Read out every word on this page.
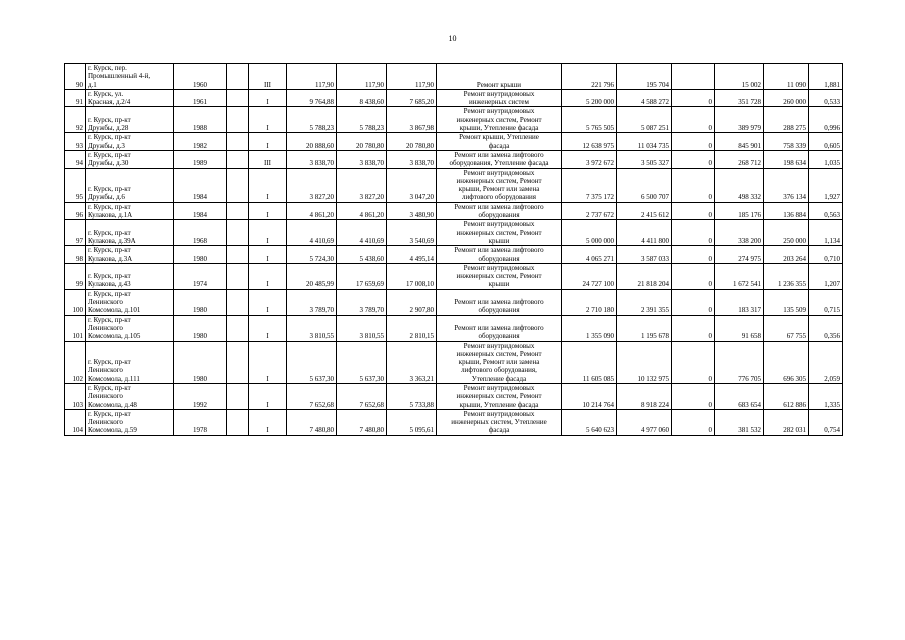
10
90	г. Курск, пер.
Промышленный 4-й,
д.1	1960		III	117,90	117,90	117,90	Ремонт крыши	221 796	195 704		15 002	11 090	1,881
91	г. Курск, ул.
Красная, д.2/4	1961		I	9 764,88	8 438,60	7 685,20	Ремонт внутридомовых
инженерных систем	5 200 000	4 588 272	0	351 728	260 000	0,533
92	г. Курск, пр-кт
Дружбы, д.28	1988		I	5 788,23	5 788,23	3 867,98	Ремонт внутридомовых
инженерных систем, Ремонт
крыши, Утепление фасада	5 765 505	5 087 251	0	389 979	288 275	0,996
93	г. Курск, пр-кт
Дружбы, д.3	1982		I	20 888,60	20 780,80	20 780,80	Ремонт крыши, Утепление
фасада	12 638 975	11 034 735	0	845 901	758 339	0,605
94	г. Курск, пр-кт
Дружбы, д.30	1989		III	3 838,70	3 838,70	3 838,70	Ремонт или замена лифтового
оборудования, Утепление фасада	3 972 672	3 505 327	0	268 712	198 634	1,035
95	г. Курск, пр-кт
Дружбы, д.6	1984		I	3 827,20	3 827,20	3 047,20	Ремонт внутридомовых
инженерных систем, Ремонт
крыши, Ремонт или замена
лифтового оборудования	7 375 172	6 500 707	0	498 332	376 134	1,927
96	г. Курск, пр-кт
Кулакова, д.1А	1984		I	4 861,20	4 861,20	3 480,90	Ремонт или замена лифтового
оборудования	2 737 672	2 415 612	0	185 176	136 884	0,563
97	г. Курск, пр-кт
Кулакова, д.39А	1968		I	4 410,69	4 410,69	3 540,69	Ремонт внутридомовых
инженерных систем, Ремонт
крыши	5 000 000	4 411 800	0	338 200	250 000	1,134
98	г. Курск, пр-кт
Кулакова, д.3А	1980		I	5 724,30	5 438,60	4 495,14	Ремонт или замена лифтового
оборудования	4 065 271	3 587 033	0	274 975	203 264	0,710
99	г. Курск, пр-кт
Кулакова, д.43	1974		I	20 485,99	17 659,69	17 008,10	Ремонт внутридомовых
инженерных систем, Ремонт
крыши	24 727 100	21 818 204	0	1 672 541	1 236 355	1,207
100	г. Курск, пр-кт
Ленинского
Комсомола, д.101	1980		I	3 789,70	3 789,70	2 907,80	Ремонт или замена лифтового
оборудования	2 710 180	2 391 355	0	183 317	135 509	0,715
101	г. Курск, пр-кт
Ленинского
Комсомола, д.105	1980		I	3 810,55	3 810,55	2 810,15	Ремонт или замена лифтового
оборудования	1 355 090	1 195 678	0	91 658	67 755	0,356
102	г. Курск, пр-кт
Ленинского
Комсомола, д.111	1980		I	5 637,30	5 637,30	3 363,21	Ремонт внутридомовых
инженерных систем, Ремонт
крыши, Ремонт или замена
лифтового оборудования,
Утепление фасада	11 605 085	10 132 975	0	776 705	696 305	2,059
103	г. Курск, пр-кт
Ленинского
Комсомола, д.48	1992		I	7 652,68	7 652,68	5 733,88	Ремонт внутридомовых
инженерных систем, Ремонт
крыши, Утепление фасада	10 214 764	8 918 224	0	683 654	612 886	1,335
104	г. Курск, пр-кт
Ленинского
Комсомола, д.59	1978		I	7 480,80	7 480,80	5 095,61	Ремонт внутридомовых
инженерных систем, Утепление
фасада	5 640 623	4 977 060	0	381 532	282 031	0,754
